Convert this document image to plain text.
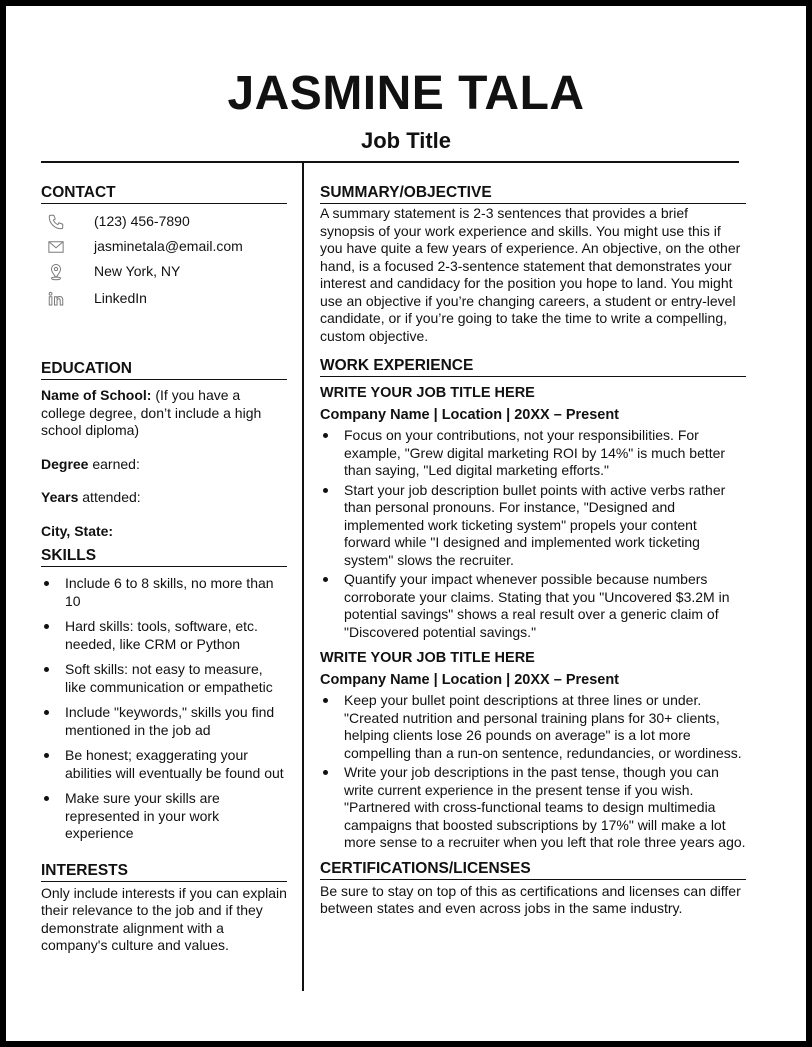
JASMINE TALA
Job Title
CONTACT
(123) 456-7890
jasminetala@email.com
New York, NY
LinkedIn
EDUCATION

Name of School: (If you have a college degree, don’t include a high school diploma)

Degree earned:

Years attended:

City, State:

SKILLS
Include 6 to 8 skills, no more than 10
Hard skills: tools, software, etc. needed, like CRM or Python
Soft skills: not easy to measure, like communication or empathetic
Include "keywords," skills you find mentioned in the job ad
Be honest; exaggerating your abilities will eventually be found out
Make sure your skills are represented in your work experience
INTERESTS

Only include interests if you can explain their relevance to the job and if they demonstrate alignment with a company's culture and values.

SUMMARY/OBJECTIVE

A summary statement is 2-3 sentences that provides a brief synopsis of your work experience and skills. You might use this if you have quite a few years of experience. An objective, on the other hand, is a focused 2-3-sentence statement that demonstrates your interest and candidacy for the position you hope to land. You might use an objective if you’re changing careers, a student or entry-level candidate, or if you’re going to take the time to write a compelling, custom objective.

WORK EXPERIENCE
WRITE YOUR JOB TITLE HERE
Company Name | Location | 20XX – Present
Focus on your contributions, not your responsibilities. For example, "Grew digital marketing ROI by 14%" is much better than saying, "Led digital marketing efforts."
Start your job description bullet points with active verbs rather than personal pronouns. For instance, "Designed and implemented work ticketing system" propels your content forward while "I designed and implemented work ticketing system" slows the recruiter.
Quantify your impact whenever possible because numbers corroborate your claims. Stating that you "Uncovered $3.2M in potential savings" shows a real result over a generic claim of "Discovered potential savings."
WRITE YOUR JOB TITLE HERE
Company Name | Location | 20XX – Present
Keep your bullet point descriptions at three lines or under. "Created nutrition and personal training plans for 30+ clients, helping clients lose 26 pounds on average" is a lot more compelling than a run-on sentence, redundancies, or wordiness.
Write your job descriptions in the past tense, though you can write current experience in the present tense if you wish. "Partnered with cross-functional teams to design multimedia campaigns that boosted subscriptions by 17%" will make a lot more sense to a recruiter when you left that role three years ago.
CERTIFICATIONS/LICENSES

Be sure to stay on top of this as certifications and licenses can differ between states and even across jobs in the same industry.
